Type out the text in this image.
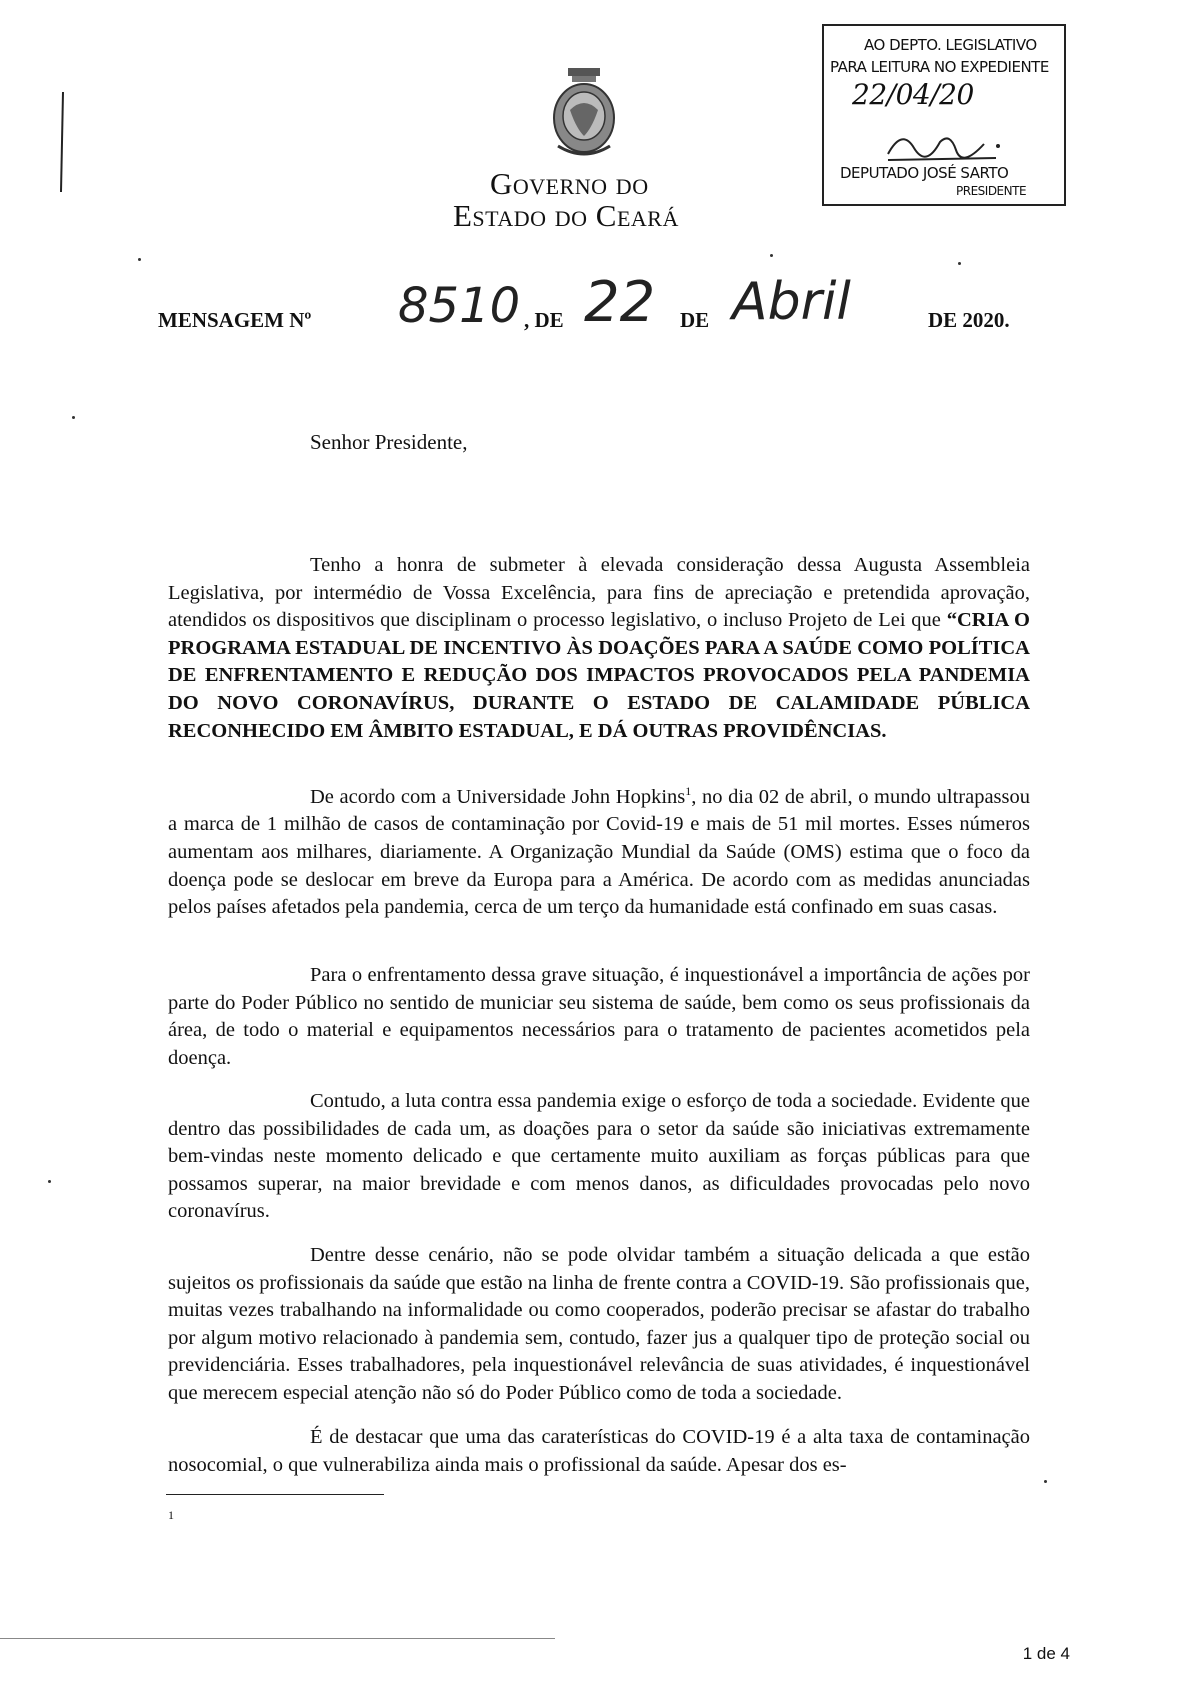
Governo do
Estado do Ceará
AO DEPTO. LEGISLATIVO
PARA LEITURA NO EXPEDIENTE
22/04/20
DEPUTADO JOSÉ SARTO
PRESIDENTE
MENSAGEM Nº 8510 , DE 22 DE Abril	DE 2020.
Senhor Presidente,
Tenho a honra de submeter à elevada consideração dessa Augusta Assembleia Legislativa, por intermédio de Vossa Excelência, para fins de apreciação e pretendida aprovação, atendidos os dispositivos que disciplinam o processo legislativo, o incluso Projeto de Lei que “CRIA O PROGRAMA ESTADUAL DE INCENTIVO ÀS DOAÇÕES PARA A SAÚDE COMO POLÍTICA DE ENFRENTAMENTO E REDUÇÃO DOS IMPACTOS PROVOCADOS PELA PANDEMIA DO NOVO CORONAVÍRUS, DURANTE O ESTADO DE CALAMIDADE PÚBLICA RECONHECIDO EM ÂMBITO ESTADUAL, E DÁ OUTRAS PROVIDÊNCIAS.
De acordo com a Universidade John Hopkins$^1$, no dia 02 de abril, o mundo ultrapassou a marca de 1 milhão de casos de contaminação por Covid-19 e mais de 51 mil mortes. Esses números aumentam aos milhares, diariamente. A Organização Mundial da Saúde (OMS) estima que o foco da doença pode se deslocar em breve da Europa para a América. De acordo com as medidas anunciadas pelos países afetados pela pandemia, cerca de um terço da humanidade está confinado em suas casas.
Para o enfrentamento dessa grave situação, é inquestionável a importância de ações por parte do Poder Público no sentido de municiar seu sistema de saúde, bem como os seus profissionais da área, de todo o material e equipamentos necessários para o tratamento de pacientes acometidos pela doença.
Contudo, a luta contra essa pandemia exige o esforço de toda a sociedade. Evidente que dentro das possibilidades de cada um, as doações para o setor da saúde são iniciativas extremamente bem-vindas neste momento delicado e que certamente muito auxiliam as forças públicas para que possamos superar, na maior brevidade e com menos danos, as dificuldades provocadas pelo novo coronavírus.
Dentre desse cenário, não se pode olvidar também a situação delicada a que estão sujeitos os profissionais da saúde que estão na linha de frente contra a COVID-19. São profissionais que, muitas vezes trabalhando na informalidade ou como cooperados, poderão precisar se afastar do trabalho por algum motivo relacionado à pandemia sem, contudo, fazer jus a qualquer tipo de proteção social ou previdenciária. Esses trabalhadores, pela inquestionável relevância de suas atividades, é inquestionável que merecem especial atenção não só do Poder Público como de toda a sociedade.
É de destacar que uma das caraterísticas do COVID-19 é a alta taxa de contaminação nosocomial, o que vulnerabiliza ainda mais o profissional da saúde. Apesar dos es-
1
1 de 4
